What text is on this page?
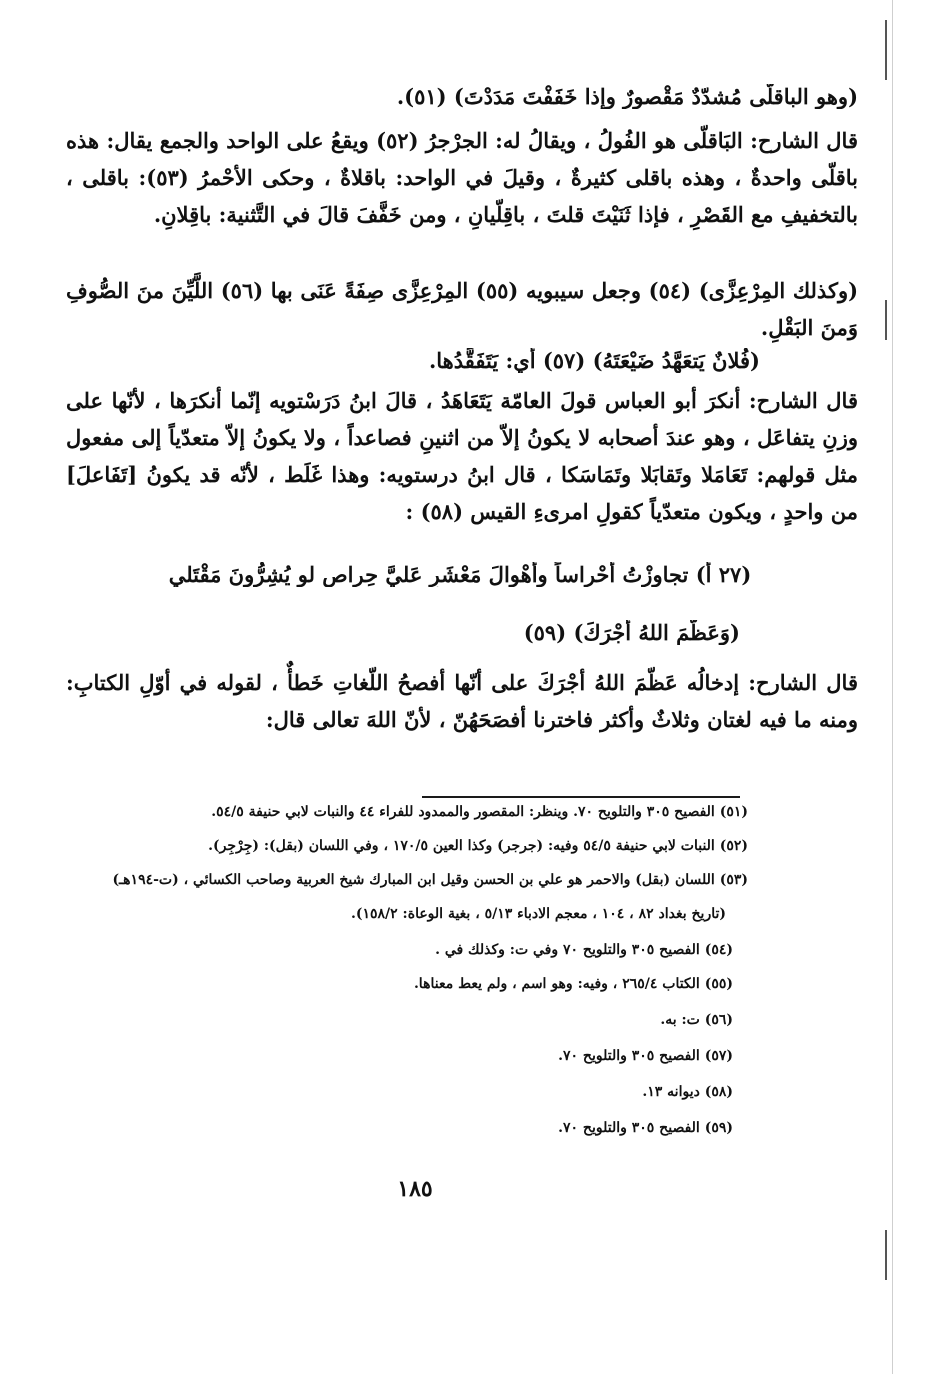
(وهو الباقلّى مُشدّدٌ مَقْصورٌ وإذا خَفَفْتَ مَدَدْتَ) (٥١).
قال الشارح: البَاقلّى هو الفُولُ ، ويقالُ له: الجرْجرُ (٥٢) ويقعُ على الواحد والجمع يقال: هذه باقلّى واحدةٌ ، وهذه باقلى كثيرةٌ ، وقيلَ في الواحد: باقلاةٌ ، وحكى الأحْمرُ (٥٣): باقلى ، بالتخفيفِ مع القَصْرِ ، فإذا ثَنَيْتَ قلتَ ، باقِلّيانِ ، ومن خَفَّفَ قالَ في التَّثنية: باقِلانِ.
(وكذلك المِرْعِزَّى) (٥٤) وجعل سيبويه (٥٥) المِرْعِزَّى صِفَةً عَنَى بها (٥٦) اللَّيِّنَ منَ الصُّوفِ وَمنَ البَقْلِ.
(فُلانٌ يَتعَهَّدُ ضَيْعَتَهُ) (٥٧) أي: يَتَفَقَّدُها.
قال الشارح: أنكرَ أبو العباس قولَ العامّة يَتَعَاهَدُ ، قالَ ابنُ دَرَسْتويه إنّما أنكرَها ، لأنّها على وزنِ يتفاعَل ، وهو عندَ أصحابه لا يكونُ إلاّ من اثنينِ فصاعداً ، ولا يكونُ إلاّ متعدّياً إلى مفعول مثل قولهم: تَعَامَلا وتَقابَلا وتَمَاسَكا ، قال ابنُ درستويه: وهذا غَلَط ، لأنّه قد يكونُ [تَفَاعلَ] من واحدٍ ، ويكون متعدّياً كقولِ امرىءِ القيس (٥٨) :
(٢٧ أ) تجاوزْتُ أحْراساً وأهْوالَ مَعْشَرٍ عَليَّ حِراصٍ لو يُشِرُّونَ مَقْتَلي
(وَعَظَّمَ اللهُ أجْرَكَ) (٥٩)
قال الشارح: إدخالُه عَظّمَ اللهُ أجْرَكَ على أنّها أفصحُ اللّغاتِ خَطأٌ ، لقوله في أوّلِ الكتابِ: ومنه ما فيه لغتان وثلاثٌ وأكثر فاخترنا أفصَحَهُنّ ، لأنّ اللهَ تعالى قال:
(٥١) الفصيح ٣٠٥ والتلويح ٧٠. وينظر: المقصور والممدود للفراء ٤٤ والنبات لابي حنيفة ٥٤/٥.
(٥٢) النبات لابي حنيفة ٥٤/٥ وفيه: (جرجر) وكذا العين ١٧٠/٥ ، وفي اللسان (بقل): (جِرْجِر).
(٥٣) اللسان (بقل) والاحمر هو علي بن الحسن وقيل ابن المبارك شيخ العربية وصاحب الكسائي ، (ت-١٩٤هـ)
(تاريخ بغداد ٨٢ ، ١٠٤ ، معجم الادباء ٥/١٣ ، بغية الوعاة: ١٥٨/٢).
(٥٤) الفصيح ٣٠٥ والتلويح ٧٠ وفي ت: وكذلك في .
(٥٥) الكتاب ٢٦٥/٤ ، وفيه: وهو اسم ، ولم يعط معناها.
(٥٦) ت: به.
(٥٧) الفصيح ٣٠٥ والتلويح ٧٠.
(٥٨) ديوانه ١٣.
(٥٩) الفصيح ٣٠٥ والتلويح ٧٠.
١٨٥
